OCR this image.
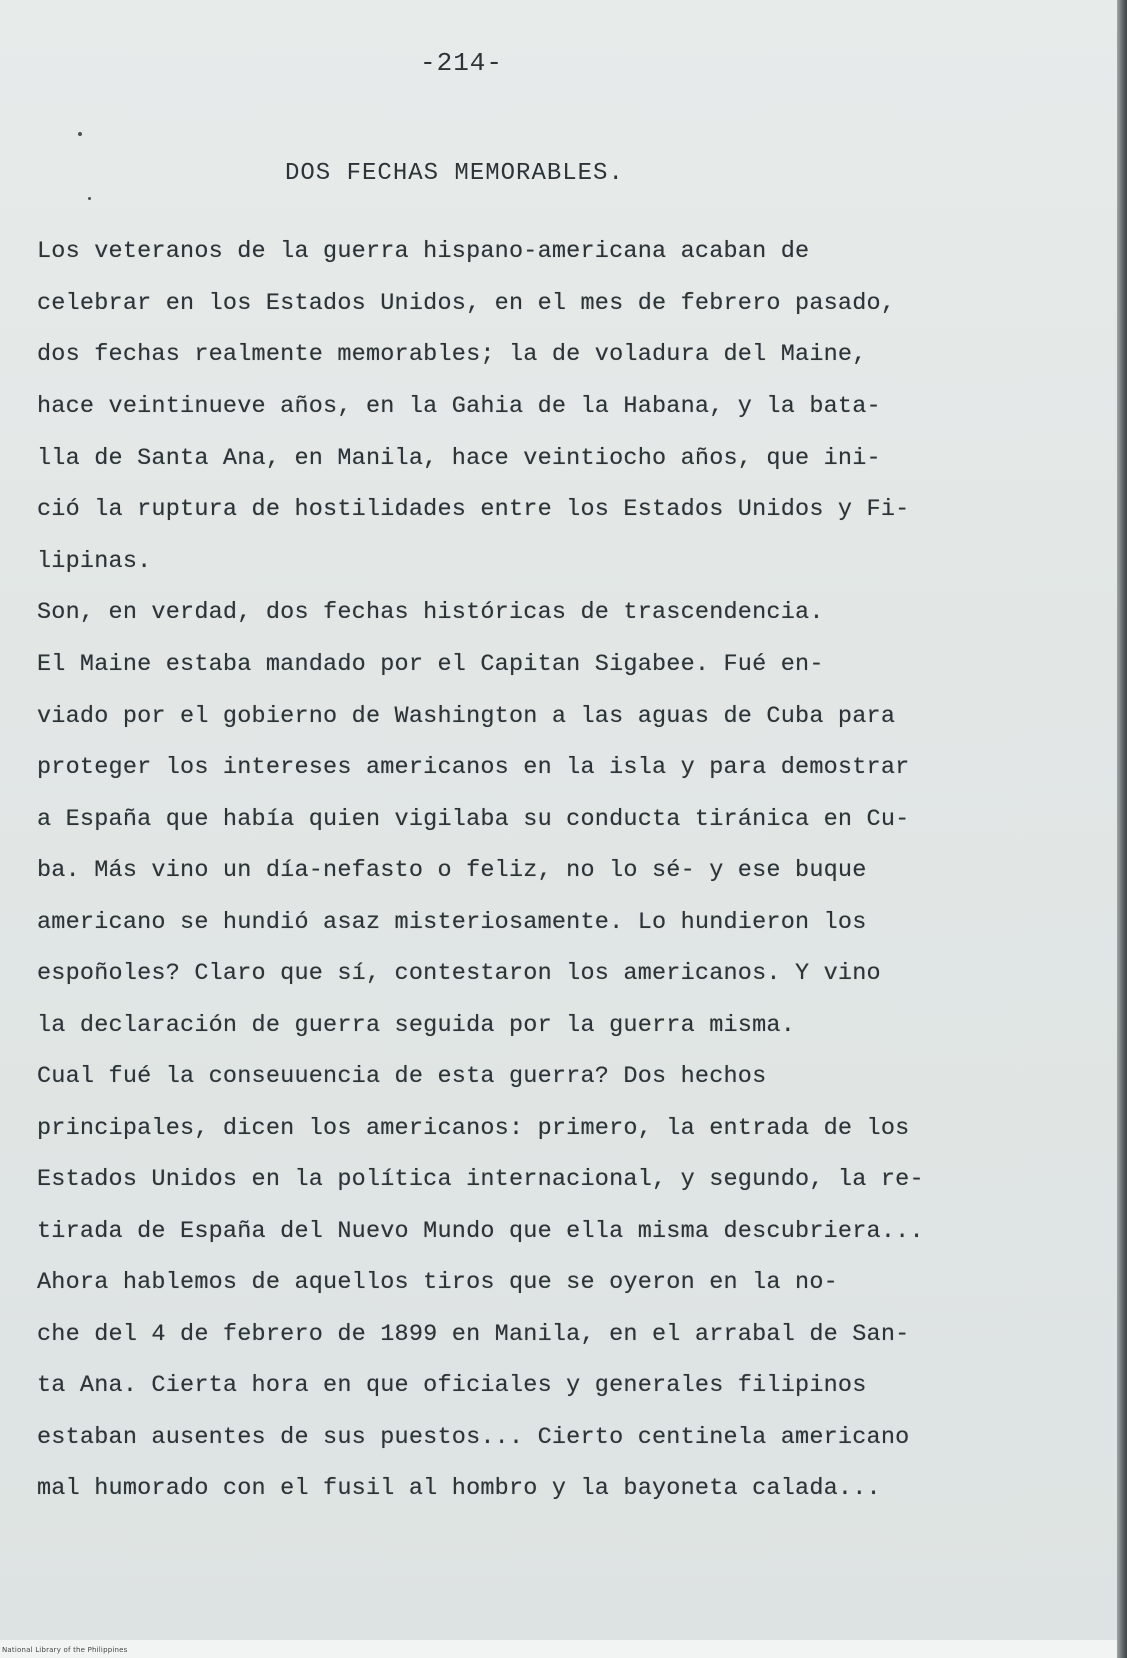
-214-
DOS FECHAS MEMORABLES.
Los veteranos de la guerra hispano-americana acaban de
celebrar en los Estados Unidos, en el mes de febrero pasado,
dos fechas realmente memorables; la de voladura del Maine,
hace veintinueve años, en la Gahia de la Habana, y la bata-
lla de Santa Ana, en Manila, hace veintiocho años, que ini-
ció la ruptura de hostilidades entre los Estados Unidos y Fi-
lipinas.
Son, en verdad, dos fechas históricas de trascendencia.
El Maine estaba mandado por el Capitan Sigabee. Fué en-
viado por el gobierno de Washington a las aguas de Cuba para
proteger los intereses americanos en la isla y para demostrar
a España que había quien vigilaba su conducta tiránica en Cu-
ba. Más vino un día-nefasto o feliz, no lo sé- y ese buque
americano se hundió asaz misteriosamente. Lo hundieron los
espoñoles? Claro que sí, contestaron los americanos. Y vino
la declaración de guerra seguida por la guerra misma.
Cual fué la conseuuencia de esta guerra? Dos hechos
principales, dicen los americanos: primero, la entrada de los
Estados Unidos en la política internacional, y segundo, la re-
tirada de España del Nuevo Mundo que ella misma descubriera...
Ahora hablemos de aquellos tiros que se oyeron en la no-
che del 4 de febrero de 1899 en Manila, en el arrabal de San-
ta Ana. Cierta hora en que oficiales y generales filipinos
estaban ausentes de sus puestos... Cierto centinela americano
mal humorado con el fusil al hombro y la bayoneta calada...
National Library of the Philippines
